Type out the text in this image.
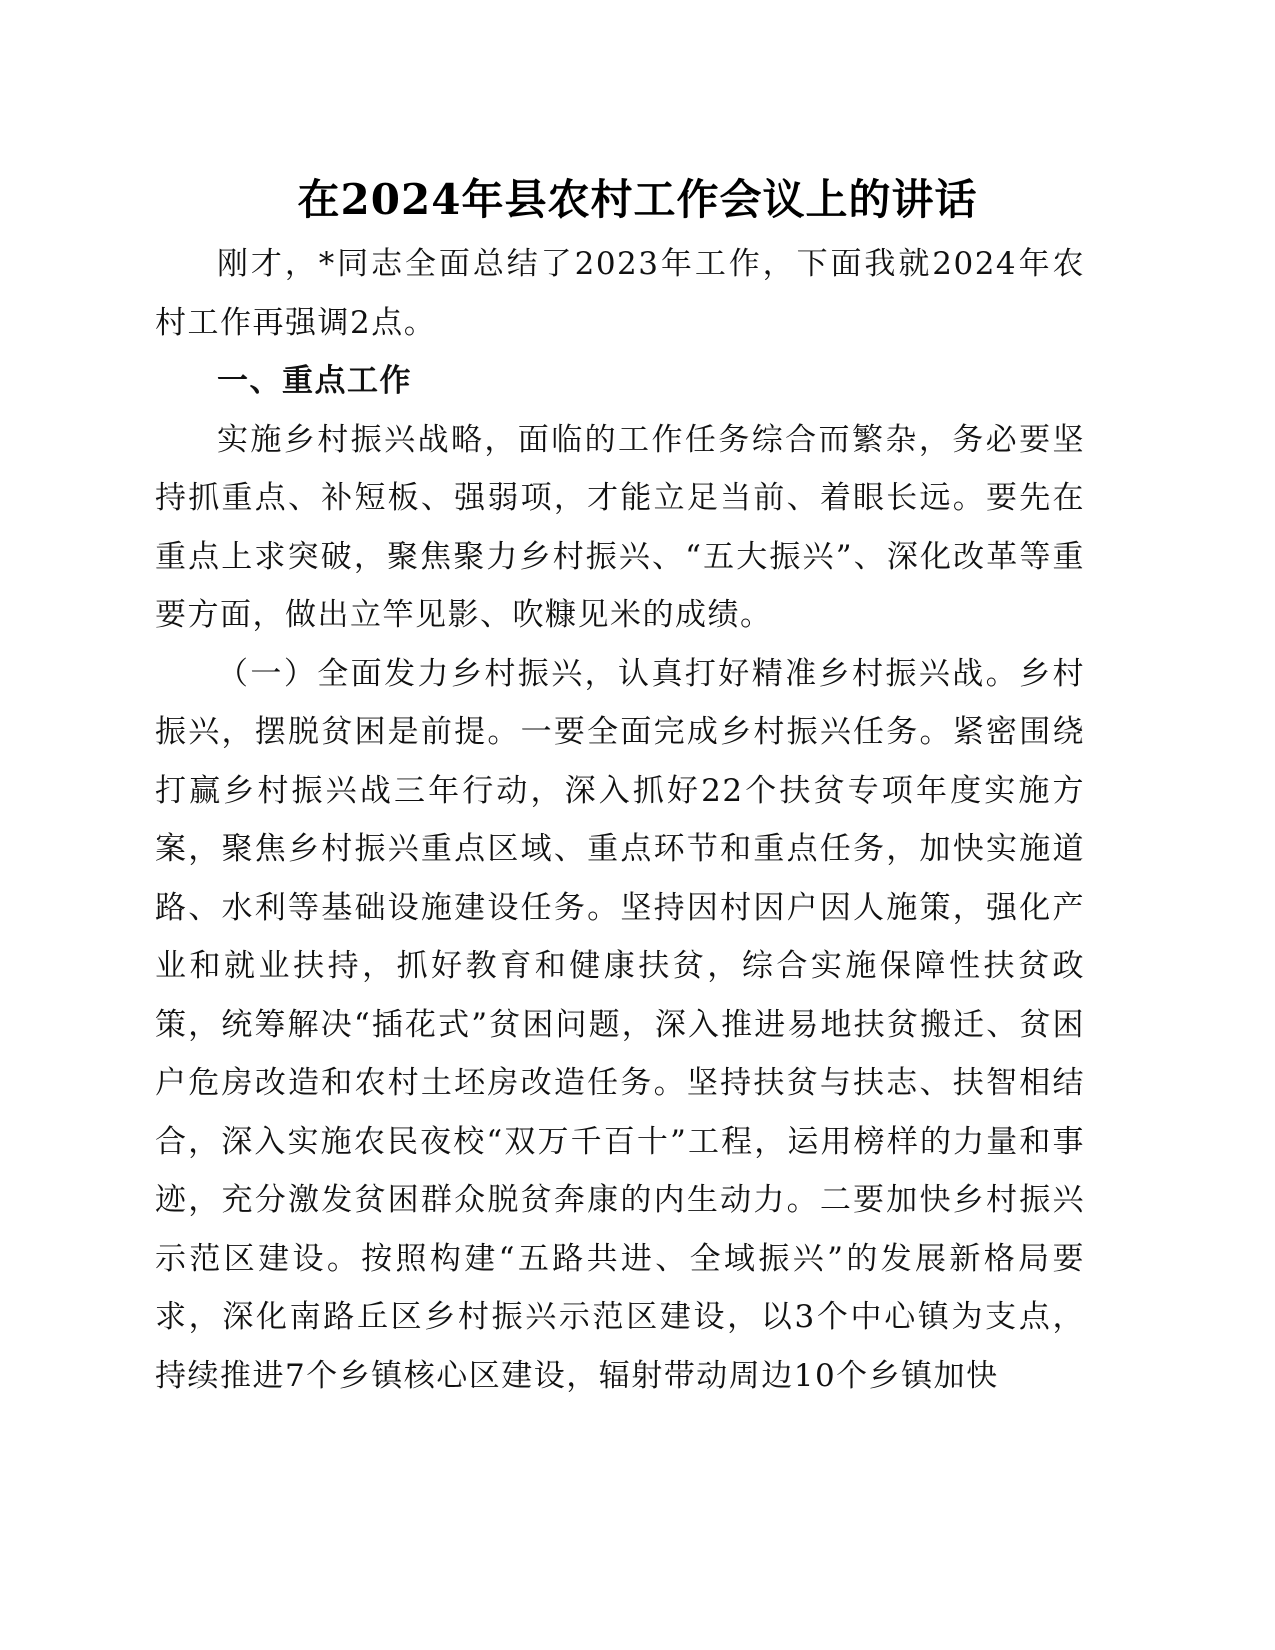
在2024年县农村工作会议上的讲话

刚才，*同志全面总结了2023年工作，下面我就2024年农村工作再强调2点。

一、重点工作

实施乡村振兴战略，面临的工作任务综合而繁杂，务必要坚持抓重点、补短板、强弱项，才能立足当前、着眼长远。要先在重点上求突破，聚焦聚力乡村振兴、“五大振兴”、深化改革等重要方面，做出立竿见影、吹糠见米的成绩。

（一）全面发力乡村振兴，认真打好精准乡村振兴战。乡村振兴，摆脱贫困是前提。一要全面完成乡村振兴任务。紧密围绕打赢乡村振兴战三年行动，深入抓好22个扶贫专项年度实施方案，聚焦乡村振兴重点区域、重点环节和重点任务，加快实施道路、水利等基础设施建设任务。坚持因村因户因人施策，强化产业和就业扶持，抓好教育和健康扶贫，综合实施保障性扶贫政策，统筹解决“插花式”贫困问题，深入推进易地扶贫搬迁、贫困户危房改造和农村土坯房改造任务。坚持扶贫与扶志、扶智相结合，深入实施农民夜校“双万千百十”工程，运用榜样的力量和事迹，充分激发贫困群众脱贫奔康的内生动力。二要加快乡村振兴示范区建设。按照构建“五路共进、全域振兴”的发展新格局要求，深化南路丘区乡村振兴示范区建设，以3个中心镇为支点，持续推进7个乡镇核心区建设，辐射带动周边10个乡镇加快
